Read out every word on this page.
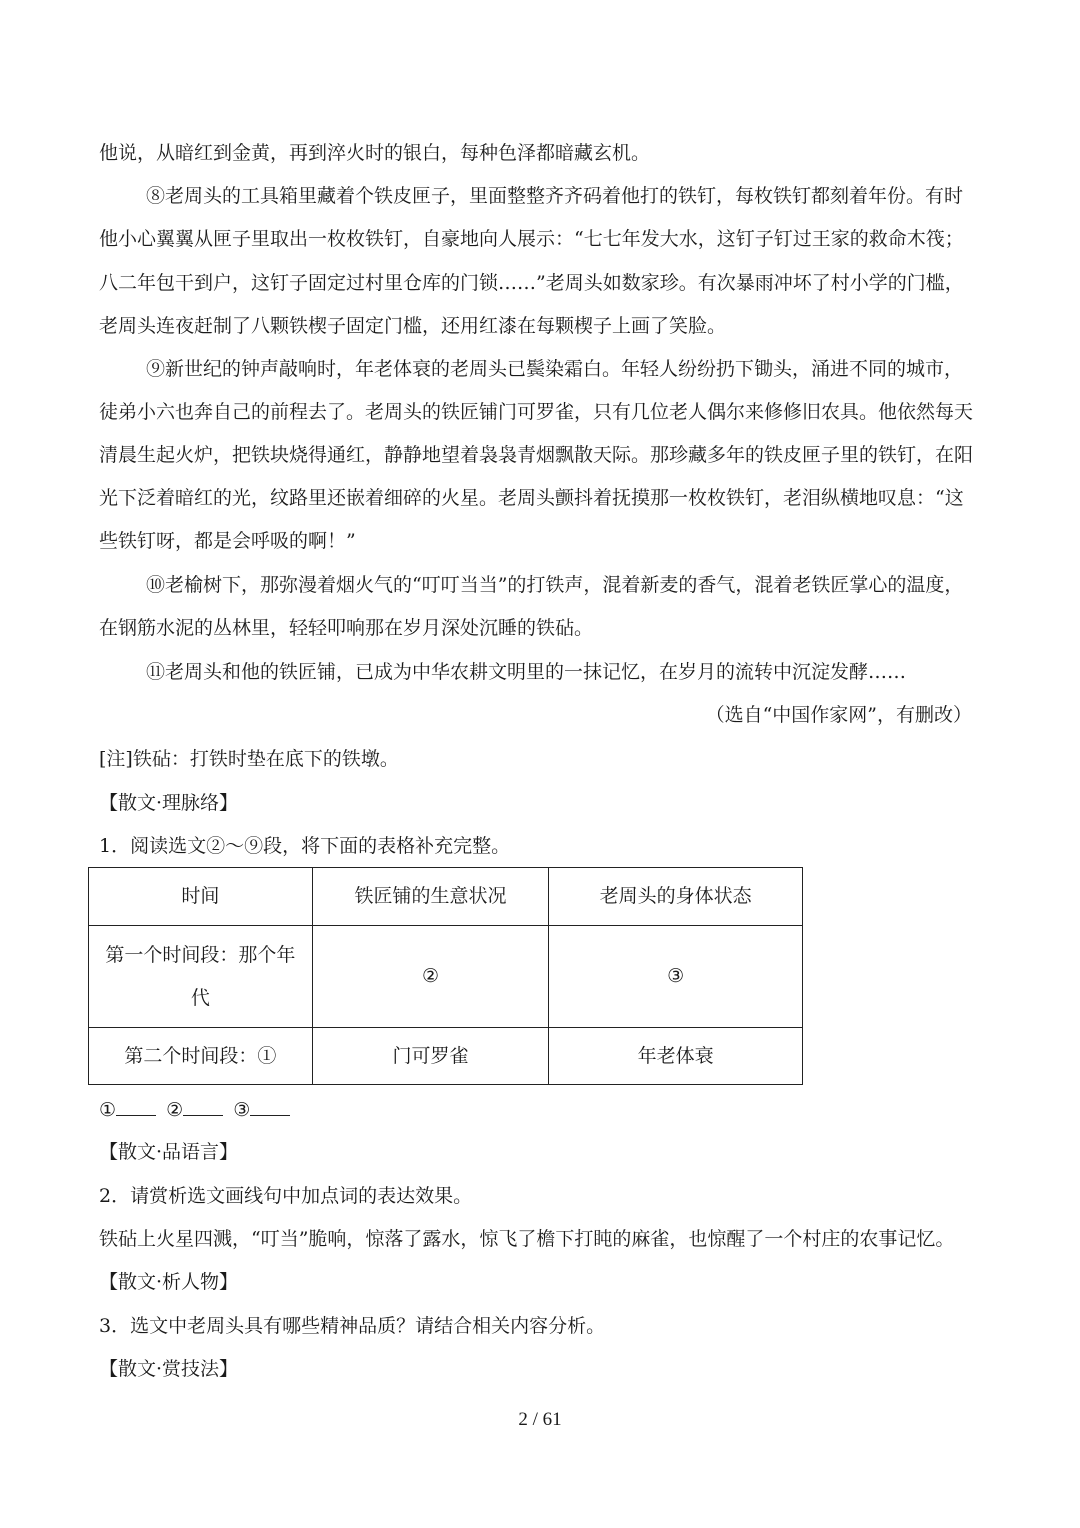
他说，从暗红到金黄，再到淬火时的银白，每种色泽都暗藏玄机。
⑧老周头的工具箱里藏着个铁皮匣子，里面整整齐齐码着他打的铁钉，每枚铁钉都刻着年份。有时
他小心翼翼从匣子里取出一枚枚铁钉，自豪地向人展示：“七七年发大水，这钉子钉过王家的救命木筏；
八二年包干到户，这钉子固定过村里仓库的门锁……”老周头如数家珍。有次暴雨冲坏了村小学的门槛，
老周头连夜赶制了八颗铁楔子固定门槛，还用红漆在每颗楔子上画了笑脸。
⑨新世纪的钟声敲响时，年老体衰的老周头已鬓染霜白。年轻人纷纷扔下锄头，涌进不同的城市，
徒弟小六也奔自己的前程去了。老周头的铁匠铺门可罗雀，只有几位老人偶尔来修修旧农具。他依然每天
清晨生起火炉，把铁块烧得通红，静静地望着袅袅青烟飘散天际。那珍藏多年的铁皮匣子里的铁钉，在阳
光下泛着暗红的光，纹路里还嵌着细碎的火星。老周头颤抖着抚摸那一枚枚铁钉，老泪纵横地叹息：“这
些铁钉呀，都是会呼吸的啊！”
⑩老榆树下，那弥漫着烟火气的“叮叮当当”的打铁声，混着新麦的香气，混着老铁匠掌心的温度，
在钢筋水泥的丛林里，轻轻叩响那在岁月深处沉睡的铁砧。
⑪老周头和他的铁匠铺，已成为中华农耕文明里的一抹记忆，在岁月的流转中沉淀发酵……
（选自“中国作家网”，有删改）
[注]铁砧：打铁时垫在底下的铁墩。
【散文·理脉络】
1．阅读选文②～⑨段，将下面的表格补充完整。
时间	铁匠铺的生意状况	老周头的身体状态
第一个时间段：那个年
代	②	③
第二个时间段：①	门可罗雀	年老体衰
①	②	③
【散文·品语言】
2．请赏析选文画线句中加点词的表达效果。
铁砧上火星四溅，“叮当”脆响，惊落了露水，惊飞了檐下打盹的麻雀，也惊醒了一个村庄的农事记忆。
【散文·析人物】
3．选文中老周头具有哪些精神品质？请结合相关内容分析。
【散文·赏技法】
2 / 61
